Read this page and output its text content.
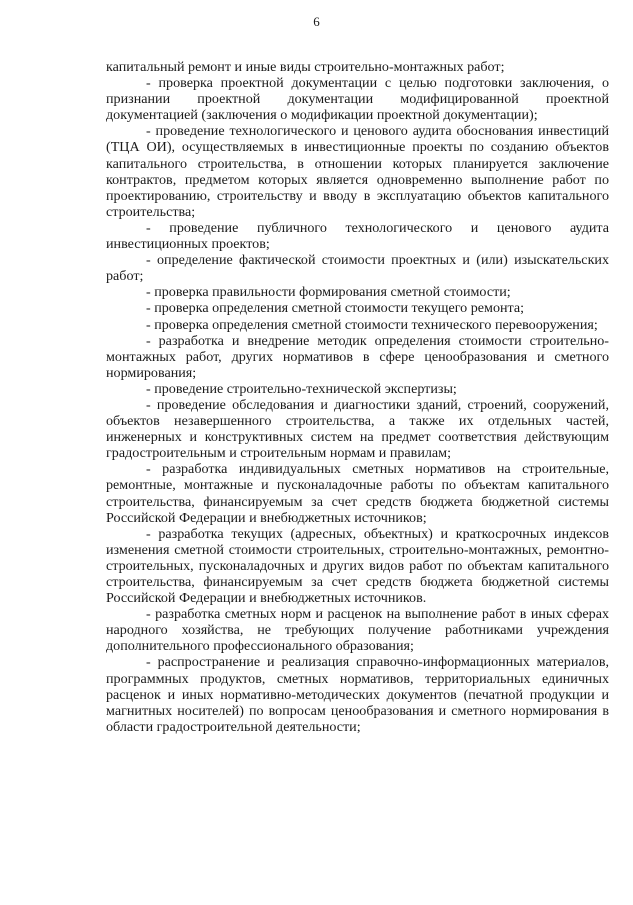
6

капитальный ремонт и иные виды строительно-монтажных работ;

- проверка проектной документации с целью подготовки заключения, о признании проектной документации модифицированной проектной документацией (заключения о модификации проектной документации);

- проведение технологического и ценового аудита обоснования инвестиций (ТЦА ОИ), осуществляемых в инвестиционные проекты по созданию объектов капитального строительства, в отношении которых планируется заключение контрактов, предметом которых является одновременно выполнение работ по проектированию, строительству и вводу в эксплуатацию объектов капитального строительства;

- проведение публичного технологического и ценового аудита инвестиционных проектов;

- определение фактической стоимости проектных и (или) изыскательских работ;

- проверка правильности формирования сметной стоимости;

- проверка определения сметной стоимости текущего ремонта;

- проверка определения сметной стоимости технического перевооружения;

- разработка и внедрение методик определения стоимости строительно-монтажных работ, других нормативов в сфере ценообразования и сметного нормирования;

- проведение строительно-технической экспертизы;

- проведение обследования и диагностики зданий, строений, сооружений, объектов незавершенного строительства, а также их отдельных частей, инженерных и конструктивных систем на предмет соответствия действующим градостроительным и строительным нормам и правилам;

- разработка индивидуальных сметных нормативов на строительные, ремонтные, монтажные и пусконаладочные работы по объектам капитального строительства, финансируемым за счет средств бюджета бюджетной системы Российской Федерации и внебюджетных источников;

- разработка текущих (адресных, объектных) и краткосрочных индексов изменения сметной стоимости строительных, строительно-монтажных, ремонтно-строительных, пусконаладочных и других видов работ по объектам капитального строительства, финансируемым за счет средств бюджета бюджетной системы Российской Федерации и внебюджетных источников.

- разработка сметных норм и расценок на выполнение работ в иных сферах народного хозяйства, не требующих получение работниками учреждения дополнительного профессионального образования;

- распространение и реализация справочно-информационных материалов, программных продуктов, сметных нормативов, территориальных единичных расценок и иных нормативно-методических документов (печатной продукции и магнитных носителей) по вопросам ценообразования и сметного нормирования в области градостроительной деятельности;
